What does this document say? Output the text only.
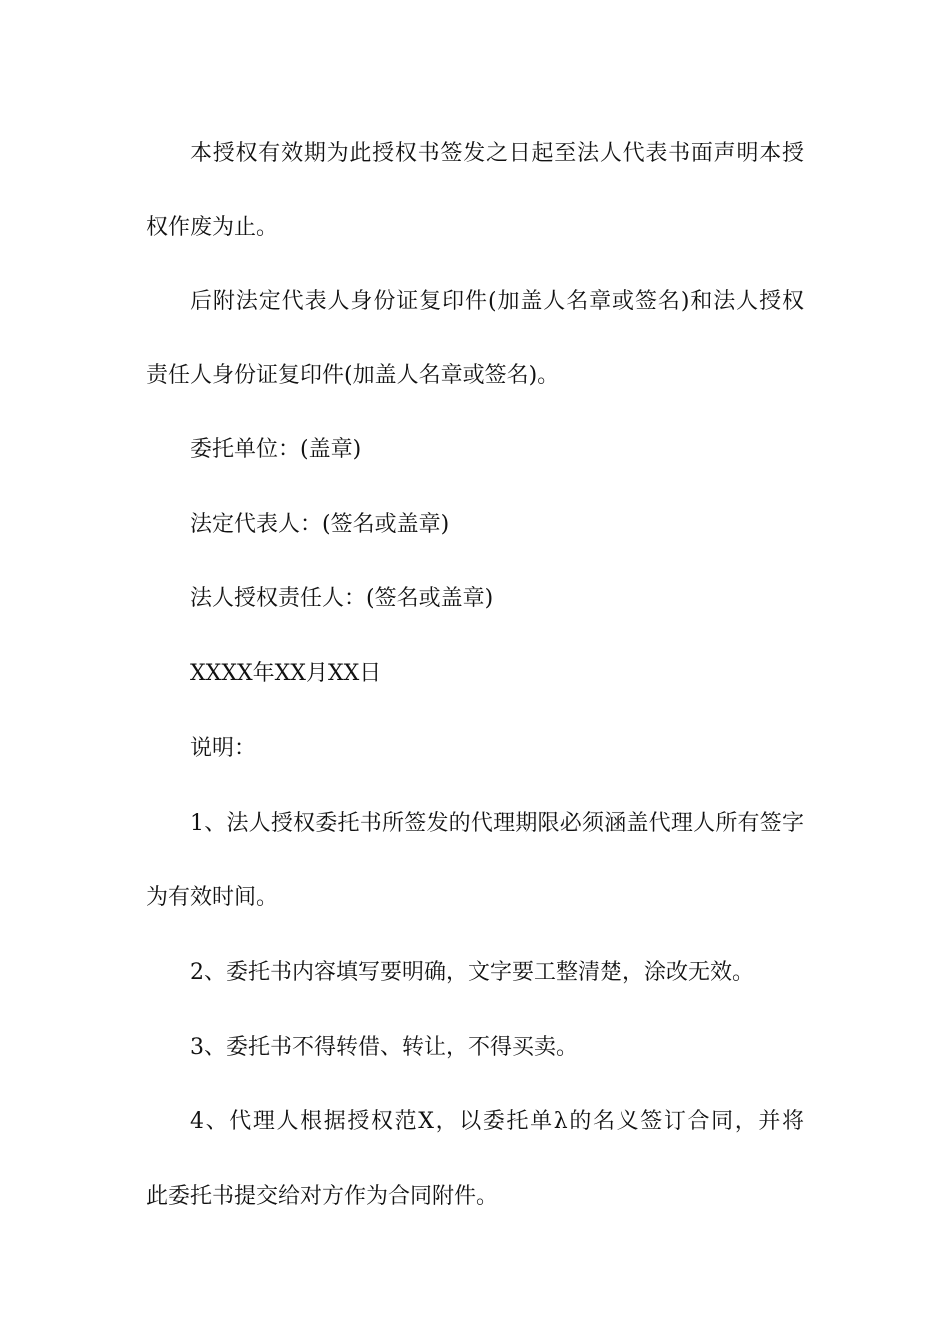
本授权有效期为此授权书签发之日起至法人代表书面声明本授
权作废为止。
后附法定代表人身份证复印件(加盖人名章或签名)和法人授权
责任人身份证复印件(加盖人名章或签名)。
委托单位：(盖章)
法定代表人：(签名或盖章)
法人授权责任人：(签名或盖章)
XXXX年XX月XX日
说明：
1、法人授权委托书所签发的代理期限必须涵盖代理人所有签字
为有效时间。
2、委托书内容填写要明确，文字要工整清楚，涂改无效。
3、委托书不得转借、转让，不得买卖。
4、代理人根据授权范X，以委托单λ的名义签订合同，并将
此委托书提交给对方作为合同附件。
